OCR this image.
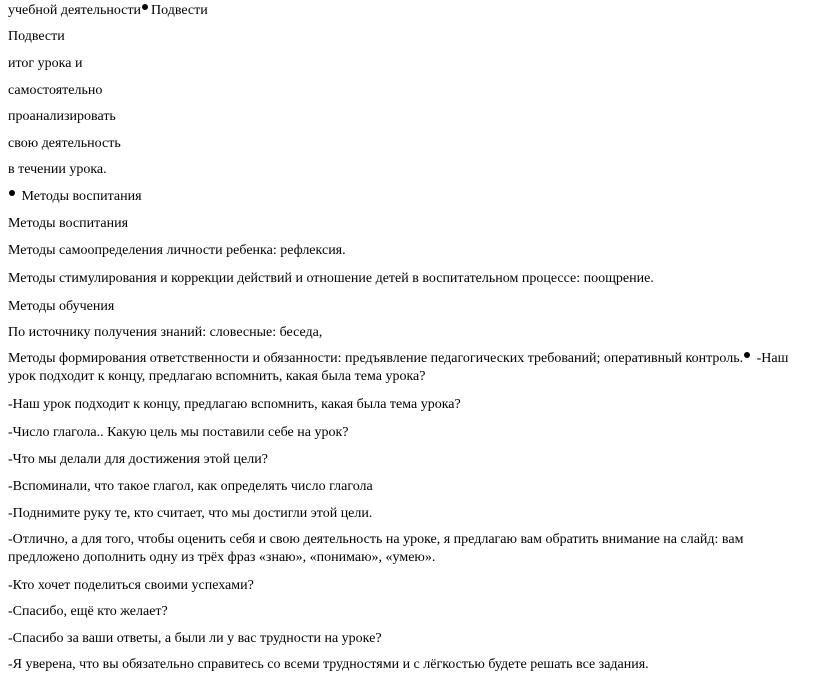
учебной деятельности Подвести

Подвести

итог урока и

самостоятельно

проанализировать

свою деятельность

в течении урока.

Методы воспитания

Методы воспитания

Методы самоопределения личности ребенка: рефлексия.

Методы стимулирования и коррекции действий и отношение детей в воспитательном процессе: поощрение.

Методы обучения

По источнику получения знаний: словесные: беседа,

Методы формирования ответственности и обязанности: предъявление педагогических требований; оперативный контроль. -Наш урок подходит к концу, предлагаю вспомнить, какая была тема урока?

-Наш урок подходит к концу, предлагаю вспомнить, какая была тема урока?

-Число глагола.. Какую цель мы поставили себе на урок?

-Что мы делали для достижения этой цели?

-Вспоминали, что такое глагол, как определять число глагола

-Поднимите руку те, кто считает, что мы достигли этой цели.

-Отлично, а для того, чтобы оценить себя и свою деятельность на уроке, я предлагаю вам обратить внимание на слайд: вам предложено дополнить одну из трёх фраз «знаю», «понимаю», «умею».

-Кто хочет поделиться своими успехами?

-Спасибо, ещё кто желает?

-Спасибо за ваши ответы, а были ли у вас трудности на уроке?

-Я уверена, что вы обязательно справитесь со всеми трудностями и с лёгкостью будете решать все задания.
